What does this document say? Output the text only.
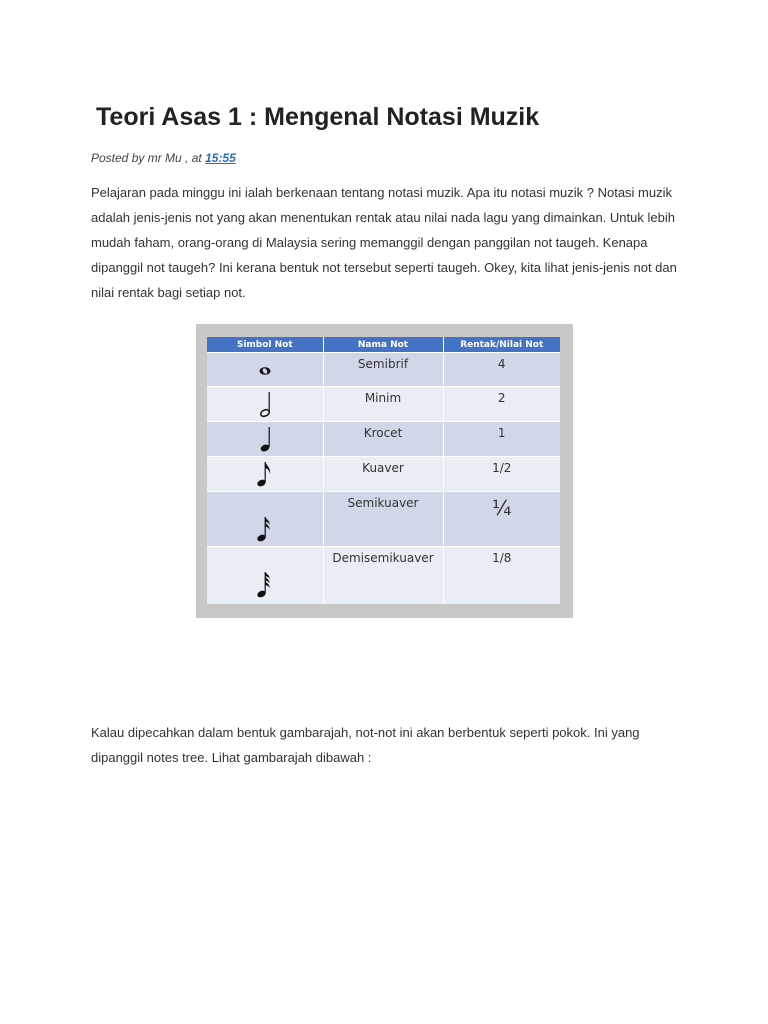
Teori Asas 1 : Mengenal Notasi Muzik
Posted by mr Mu , at 15:55

Pelajaran pada minggu ini ialah berkenaan tentang notasi muzik. Apa itu notasi muzik ? Notasi muzik adalah jenis-jenis not yang akan menentukan rentak atau nilai nada lagu yang dimainkan. Untuk lebih mudah faham, orang-orang di Malaysia sering memanggil dengan panggilan not taugeh. Kenapa dipanggil not taugeh? Ini kerana bentuk not tersebut seperti taugeh. Okey, kita lihat jenis-jenis not dan nilai rentak bagi setiap not.

Simbol Not	Nama Not	Rentak/Nilai Not

Semibrif	4

Minim	2

Krocet	1

Kuaver	1/2

Semikuaver	¼

Demisemikuaver	1/8

Kalau dipecahkan dalam bentuk gambarajah, not-not ini akan berbentuk seperti pokok. Ini yang dipanggil notes tree. Lihat gambarajah dibawah :
